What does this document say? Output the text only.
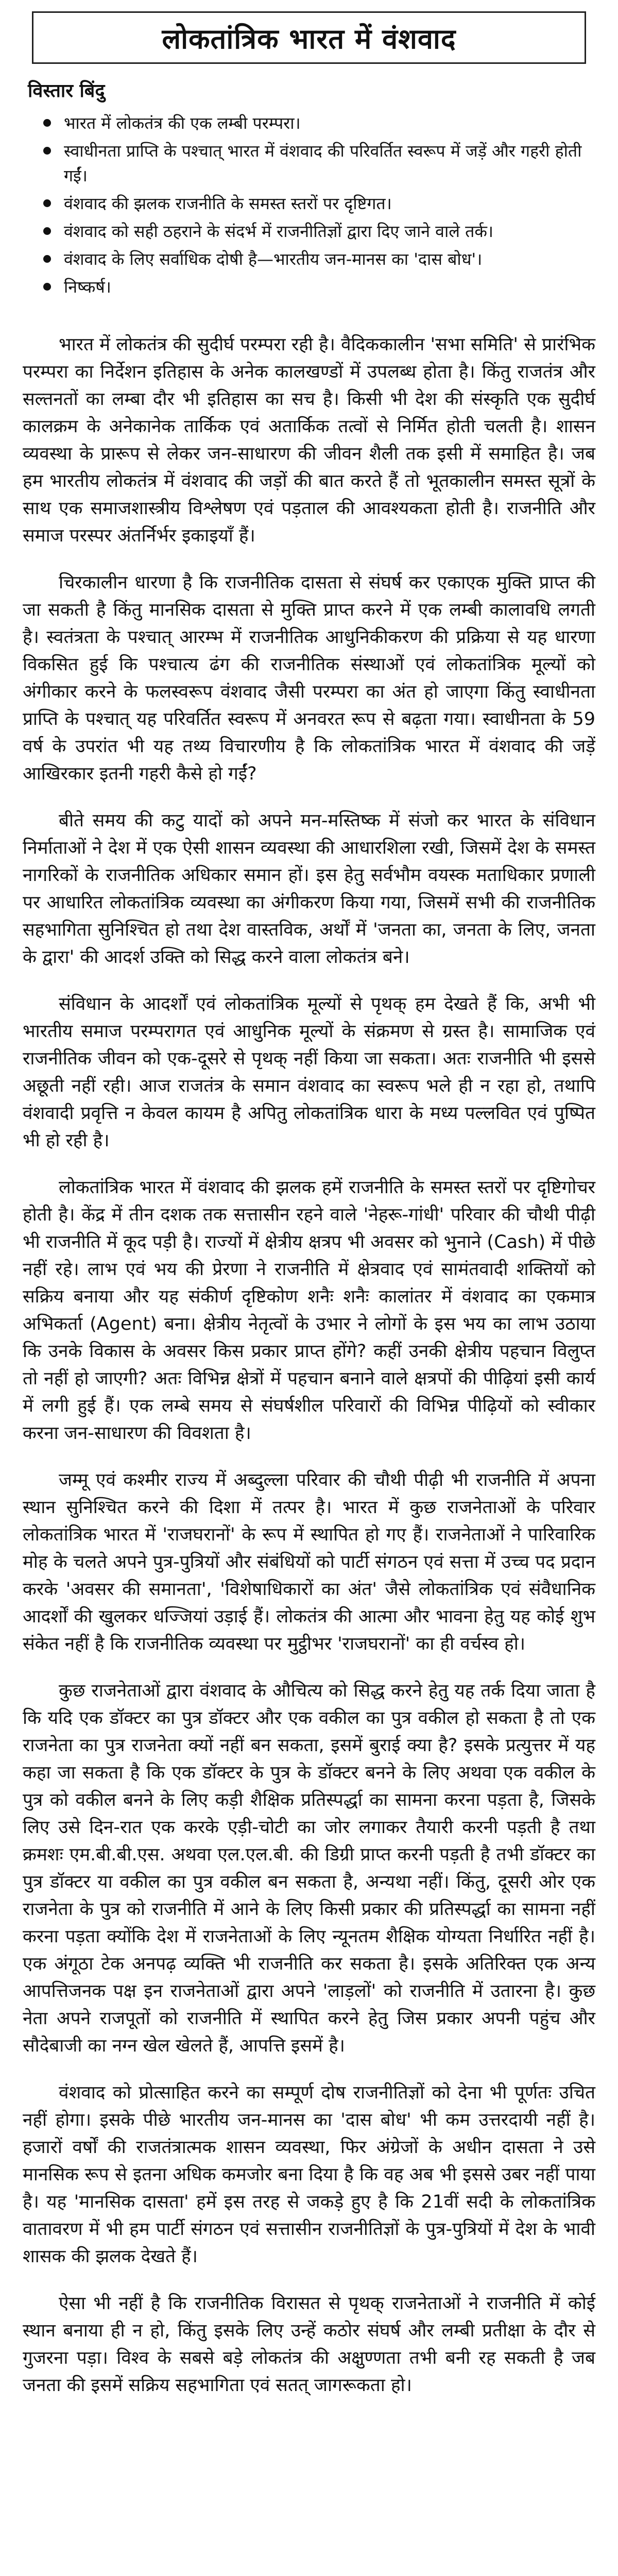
लोकतांत्रिक भारत में वंशवाद
विस्तार बिंदु
भारत में लोकतंत्र की एक लम्बी परम्परा।
स्वाधीनता प्राप्ति के पश्चात् भारत में वंशवाद की परिवर्तित स्वरूप में जड़ें और गहरी होती गईं।
वंशवाद की झलक राजनीति के समस्त स्तरों पर दृष्टिगत।
वंशवाद को सही ठहराने के संदर्भ में राजनीतिज्ञों द्वारा दिए जाने वाले तर्क।
वंशवाद के लिए सर्वाधिक दोषी है—भारतीय जन-मानस का 'दास बोध'।
निष्कर्ष।

भारत में लोकतंत्र की सुदीर्घ परम्परा रही है। वैदिककालीन 'सभा समिति' से प्रारंभिक परम्परा का निर्देशन इतिहास के अनेक कालखण्डों में उपलब्ध होता है। किंतु राजतंत्र और सल्तनतों का लम्बा दौर भी इतिहास का सच है। किसी भी देश की संस्कृति एक सुदीर्घ कालक्रम के अनेकानेक तार्किक एवं अतार्किक तत्वों से निर्मित होती चलती है। शासन व्यवस्था के प्रारूप से लेकर जन-साधारण की जीवन शैली तक इसी में समाहित है। जब हम भारतीय लोकतंत्र में वंशवाद की जड़ों की बात करते हैं तो भूतकालीन समस्त सूत्रों के साथ एक समाजशास्त्रीय विश्लेषण एवं पड़ताल की आवश्यकता होती है। राजनीति और समाज परस्पर अंतर्निर्भर इकाइयाँ हैं।

चिरकालीन धारणा है कि राजनीतिक दासता से संघर्ष कर एकाएक मुक्ति प्राप्त की जा सकती है किंतु मानसिक दासता से मुक्ति प्राप्त करने में एक लम्बी कालावधि लगती है। स्वतंत्रता के पश्चात् आरम्भ में राजनीतिक आधुनिकीकरण की प्रक्रिया से यह धारणा विकसित हुई कि पश्चात्य ढंग की राजनीतिक संस्थाओं एवं लोकतांत्रिक मूल्यों को अंगीकार करने के फलस्वरूप वंशवाद जैसी परम्परा का अंत हो जाएगा किंतु स्वाधीनता प्राप्ति के पश्चात् यह परिवर्तित स्वरूप में अनवरत रूप से बढ़ता गया। स्वाधीनता के 59 वर्ष के उपरांत भी यह तथ्य विचारणीय है कि लोकतांत्रिक भारत में वंशवाद की जड़ें आखिरकार इतनी गहरी कैसे हो गईं?

बीते समय की कटु यादों को अपने मन-मस्तिष्क में संजो कर भारत के संविधान निर्माताओं ने देश में एक ऐसी शासन व्यवस्था की आधारशिला रखी, जिसमें देश के समस्त नागरिकों के राजनीतिक अधिकार समान हों। इस हेतु सर्वभौम वयस्क मताधिकार प्रणाली पर आधारित लोकतांत्रिक व्यवस्था का अंगीकरण किया गया, जिसमें सभी की राजनीतिक सहभागिता सुनिश्चित हो तथा देश वास्तविक, अर्थों में 'जनता का, जनता के लिए, जनता के द्वारा' की आदर्श उक्ति को सिद्ध करने वाला लोकतंत्र बने।

संविधान के आदर्शों एवं लोकतांत्रिक मूल्यों से पृथक् हम देखते हैं कि, अभी भी भारतीय समाज परम्परागत एवं आधुनिक मूल्यों के संक्रमण से ग्रस्त है। सामाजिक एवं राजनीतिक जीवन को एक-दूसरे से पृथक् नहीं किया जा सकता। अतः राजनीति भी इससे अछूती नहीं रही। आज राजतंत्र के समान वंशवाद का स्वरूप भले ही न रहा हो, तथापि वंशवादी प्रवृत्ति न केवल कायम है अपितु लोकतांत्रिक धारा के मध्य पल्लवित एवं पुष्पित भी हो रही है।

लोकतांत्रिक भारत में वंशवाद की झलक हमें राजनीति के समस्त स्तरों पर दृष्टिगोचर होती है। केंद्र में तीन दशक तक सत्तासीन रहने वाले 'नेहरू-गांधी' परिवार की चौथी पीढ़ी भी राजनीति में कूद पड़ी है। राज्यों में क्षेत्रीय क्षत्रप भी अवसर को भुनाने (Cash) में पीछे नहीं रहे। लाभ एवं भय की प्रेरणा ने राजनीति में क्षेत्रवाद एवं सामंतवादी शक्तियों को सक्रिय बनाया और यह संकीर्ण दृष्टिकोण शनैः शनैः कालांतर में वंशवाद का एकमात्र अभिकर्ता (Agent) बना। क्षेत्रीय नेतृत्वों के उभार ने लोगों के इस भय का लाभ उठाया कि उनके विकास के अवसर किस प्रकार प्राप्त होंगे? कहीं उनकी क्षेत्रीय पहचान विलुप्त तो नहीं हो जाएगी? अतः विभिन्न क्षेत्रों में पहचान बनाने वाले क्षत्रपों की पीढ़ियां इसी कार्य में लगी हुई हैं। एक लम्बे समय से संघर्षशील परिवारों की विभिन्न पीढ़ियों को स्वीकार करना जन-साधारण की विवशता है।

जम्मू एवं कश्मीर राज्य में अब्दुल्ला परिवार की चौथी पीढ़ी भी राजनीति में अपना स्थान सुनिश्चित करने की दिशा में तत्पर है। भारत में कुछ राजनेताओं के परिवार लोकतांत्रिक भारत में 'राजघरानों' के रूप में स्थापित हो गए हैं। राजनेताओं ने पारिवारिक मोह के चलते अपने पुत्र-पुत्रियों और संबंधियों को पार्टी संगठन एवं सत्ता में उच्च पद प्रदान करके 'अवसर की समानता', 'विशेषाधिकारों का अंत' जैसे लोकतांत्रिक एवं संवैधानिक आदर्शों की खुलकर धज्जियां उड़ाई हैं। लोकतंत्र की आत्मा और भावना हेतु यह कोई शुभ संकेत नहीं है कि राजनीतिक व्यवस्था पर मुट्ठीभर 'राजघरानों' का ही वर्चस्व हो।

कुछ राजनेताओं द्वारा वंशवाद के औचित्य को सिद्ध करने हेतु यह तर्क दिया जाता है कि यदि एक डॉक्टर का पुत्र डॉक्टर और एक वकील का पुत्र वकील हो सकता है तो एक राजनेता का पुत्र राजनेता क्यों नहीं बन सकता, इसमें बुराई क्या है? इसके प्रत्युत्तर में यह कहा जा सकता है कि एक डॉक्टर के पुत्र के डॉक्टर बनने के लिए अथवा एक वकील के पुत्र को वकील बनने के लिए कड़ी शैक्षिक प्रतिस्पर्द्धा का सामना करना पड़ता है, जिसके लिए उसे दिन-रात एक करके एड़ी-चोटी का जोर लगाकर तैयारी करनी पड़ती है तथा क्रमशः एम.बी.बी.एस. अथवा एल.एल.बी. की डिग्री प्राप्त करनी पड़ती है तभी डॉक्टर का पुत्र डॉक्टर या वकील का पुत्र वकील बन सकता है, अन्यथा नहीं। किंतु, दूसरी ओर एक राजनेता के पुत्र को राजनीति में आने के लिए किसी प्रकार की प्रतिस्पर्द्धा का सामना नहीं करना पड़ता क्योंकि देश में राजनेताओं के लिए न्यूनतम शैक्षिक योग्यता निर्धारित नहीं है। एक अंगूठा टेक अनपढ़ व्यक्ति भी राजनीति कर सकता है। इसके अतिरिक्त एक अन्य आपत्तिजनक पक्ष इन राजनेताओं द्वारा अपने 'लाड़लों' को राजनीति में उतारना है। कुछ नेता अपने राजपूतों को राजनीति में स्थापित करने हेतु जिस प्रकार अपनी पहुंच और सौदेबाजी का नग्न खेल खेलते हैं, आपत्ति इसमें है।

वंशवाद को प्रोत्साहित करने का सम्पूर्ण दोष राजनीतिज्ञों को देना भी पूर्णतः उचित नहीं होगा। इसके पीछे भारतीय जन-मानस का 'दास बोध' भी कम उत्तरदायी नहीं है। हजारों वर्षों की राजतंत्रात्मक शासन व्यवस्था, फिर अंग्रेजों के अधीन दासता ने उसे मानसिक रूप से इतना अधिक कमजोर बना दिया है कि वह अब भी इससे उबर नहीं पाया है। यह 'मानसिक दासता' हमें इस तरह से जकड़े हुए है कि 21वीं सदी के लोकतांत्रिक वातावरण में भी हम पार्टी संगठन एवं सत्तासीन राजनीतिज्ञों के पुत्र-पुत्रियों में देश के भावी शासक की झलक देखते हैं।

ऐसा भी नहीं है कि राजनीतिक विरासत से पृथक् राजनेताओं ने राजनीति में कोई स्थान बनाया ही न हो, किंतु इसके लिए उन्हें कठोर संघर्ष और लम्बी प्रतीक्षा के दौर से गुजरना पड़ा। विश्व के सबसे बड़े लोकतंत्र की अक्षुण्णता तभी बनी रह सकती है जब जनता की इसमें सक्रिय सहभागिता एवं सतत् जागरूकता हो।
